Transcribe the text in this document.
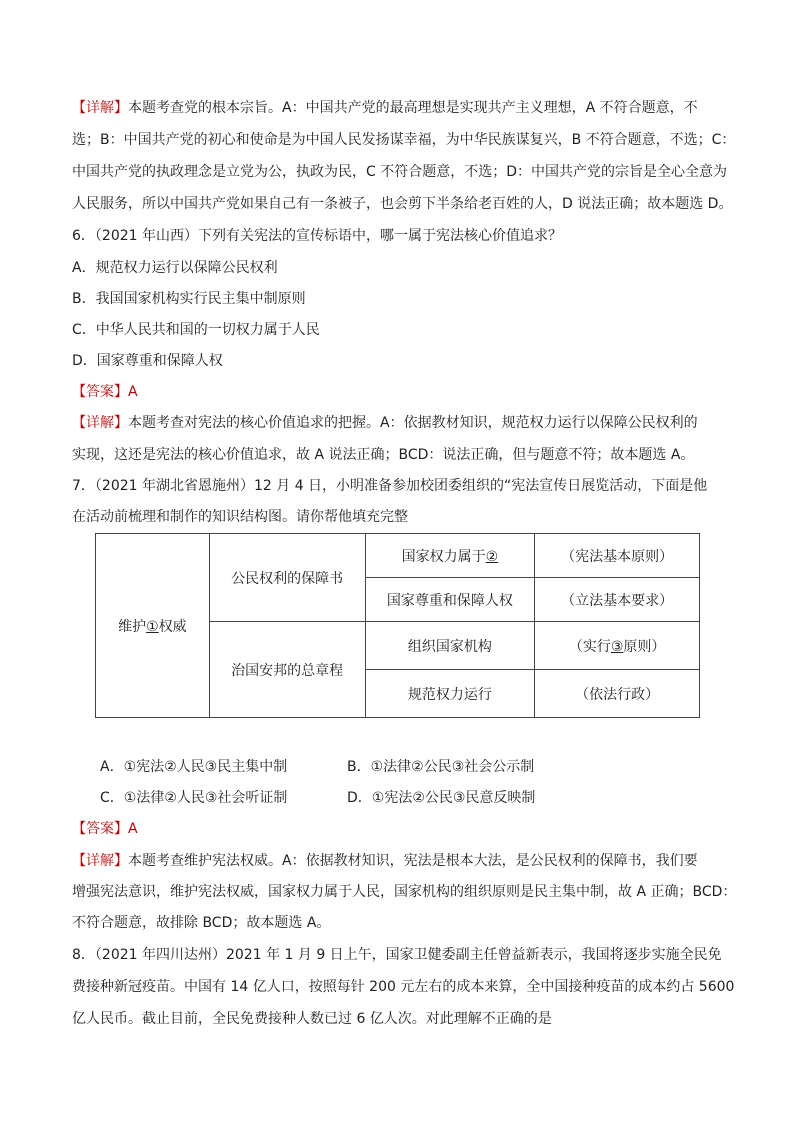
【详解】本题考查党的根本宗旨。A：中国共产党的最高理想是实现共产主义理想，A 不符合题意，不
选；B：中国共产党的初心和使命是为中国人民发扬谋幸福，为中华民族谋复兴，B 不符合题意，不选；C：
中国共产党的执政理念是立党为公，执政为民，C 不符合题意，不选；D：中国共产党的宗旨是全心全意为
人民服务，所以中国共产党如果自己有一条被子，也会剪下半条给老百姓的人，D 说法正确；故本题选 D。
6．（2021 年山西）下列有关宪法的宣传标语中，哪一属于宪法核心价值追求？
A．规范权力运行以保障公民权利
B．我国国家机构实行民主集中制原则
C．中华人民共和国的一切权力属于人民
D．国家尊重和保障人权
【答案】A
【详解】本题考查对宪法的核心价值追求的把握。A：依据教材知识，规范权力运行以保障公民权利的
实现，这还是宪法的核心价值追求，故 A 说法正确；BCD：说法正确，但与题意不符；故本题选 A。
7．（2021 年湖北省恩施州）12 月 4 日，小明准备参加校团委组织的“宪法宣传日展览活动，下面是他
在活动前梳理和制作的知识结构图。请你帮他填充完整
维护①权威	公民权利的保障书	国家权力属于②	（宪法基本原则）
		国家尊重和保障人权	（立法基本要求）
	治国安邦的总章程	组织国家机构	（实行③原则）
		规范权力运行	（依法行政）
A．①宪法②人民③民主集中制	B．①法律②公民③社会公示制
C．①法律②人民③社会听证制	D．①宪法②公民③民意反映制
【答案】A
【详解】本题考查维护宪法权威。A：依据教材知识，宪法是根本大法，是公民权利的保障书，我们要
增强宪法意识，维护宪法权威，国家权力属于人民，国家机构的组织原则是民主集中制，故 A 正确；BCD：
不符合题意，故排除 BCD；故本题选 A。
8．（2021 年四川达州）2021 年 1 月 9 日上午，国家卫健委副主任曾益新表示，我国将逐步实施全民免
费接种新冠疫苗。中国有 14 亿人口，按照每针 200 元左右的成本来算，全中国接种疫苗的成本约占 5600
亿人民币。截止目前，全民免费接种人数已过 6 亿人次。对此理解不正确的是
